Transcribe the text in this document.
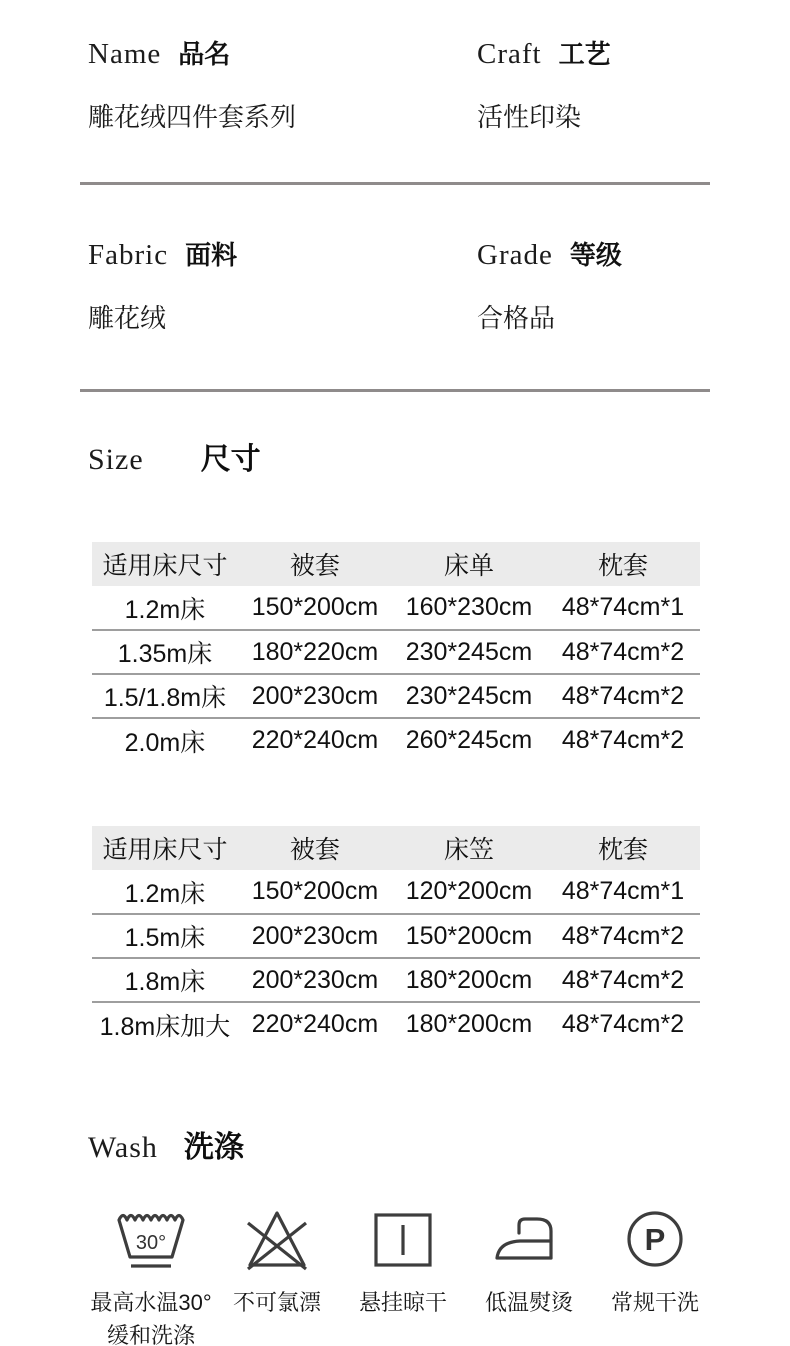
Name 品名
雕花绒四件套系列
Craft 工艺
活性印染
Fabric 面料
雕花绒
Grade 等级
合格品
Size 尺寸
适用床尺寸	被套	床单	枕套
1.2m床	150*200cm	160*230cm	48*74cm*1
1.35m床	180*220cm	230*245cm	48*74cm*2
1.5/1.8m床	200*230cm	230*245cm	48*74cm*2
2.0m床	220*240cm	260*245cm	48*74cm*2
适用床尺寸	被套	床笠	枕套
1.2m床	150*200cm	120*200cm	48*74cm*1
1.5m床	200*230cm	150*200cm	48*74cm*2
1.8m床	200*230cm	180*200cm	48*74cm*2
1.8m床加大	220*240cm	180*200cm	48*74cm*2
Wash 洗涤
30°
最高水温30°
缓和洗涤
不可氯漂 悬挂晾干 低温熨烫
P
常规干洗
